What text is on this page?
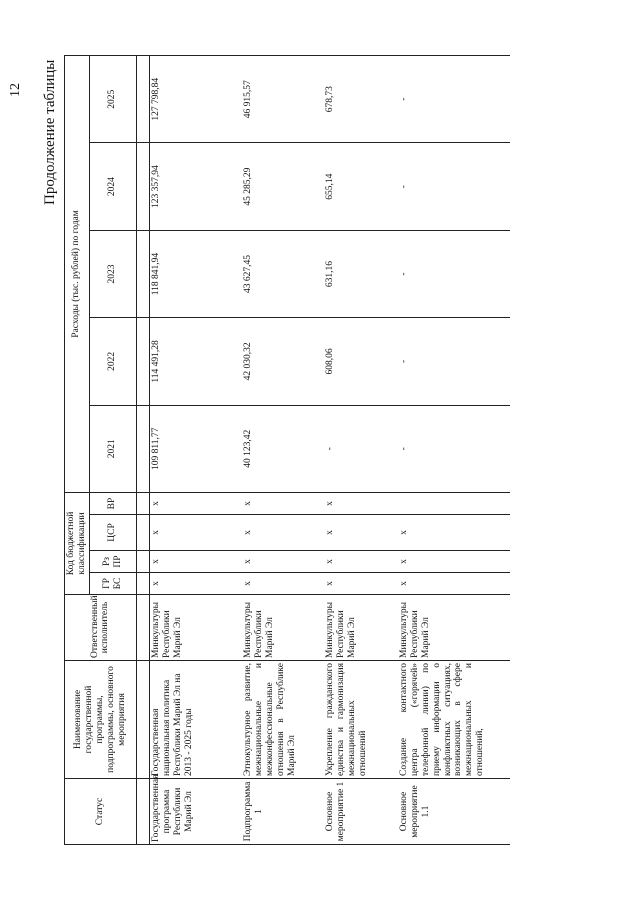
12 Продолжение таблицы
Статус	Наименование государственной программы, подпрограммы, основного мероприятия	Ответственный исполнитель	Код бюджетной классификации				Расходы (тыс. рублей) по годам				
			ГР БС	Рз ПР	ЦСР	ВР	2021	2022	2023	2024	2025

Государственная программа Республики Марий Эл	Государственная национальная политика Республики Марий Эл на 2013 - 2025 годы	Минкультуры Республики Марий Эл	x	x	x	x	109 811,77	114 491,28	118 841,94	123 357,94	127 798,84
Подпрограмма 1	Этнокультурное развитие, межнациональные и межконфессиональные отношения в Республике Марий Эл	Минкультуры Республики Марий Эл	x	x	x	x	40 123,42	42 030,32	43 627,45	45 285,29	46 915,57
Основное мероприятие 1	Укрепление гражданского единства и гармонизация межнациональных отношений	Минкультуры Республики Марий Эл	x	x	x	x	-	608,06	631,16	655,14	678,73
Основное мероприятие 1.1	Создание контактного центра («горячей» телефонной линии) по приему информации о конфликтных ситуациях, возникающих в сфере межнациональных и отношений,	Минкультуры Республики Марий Эл	x	x	x		-	-	-	-	-
